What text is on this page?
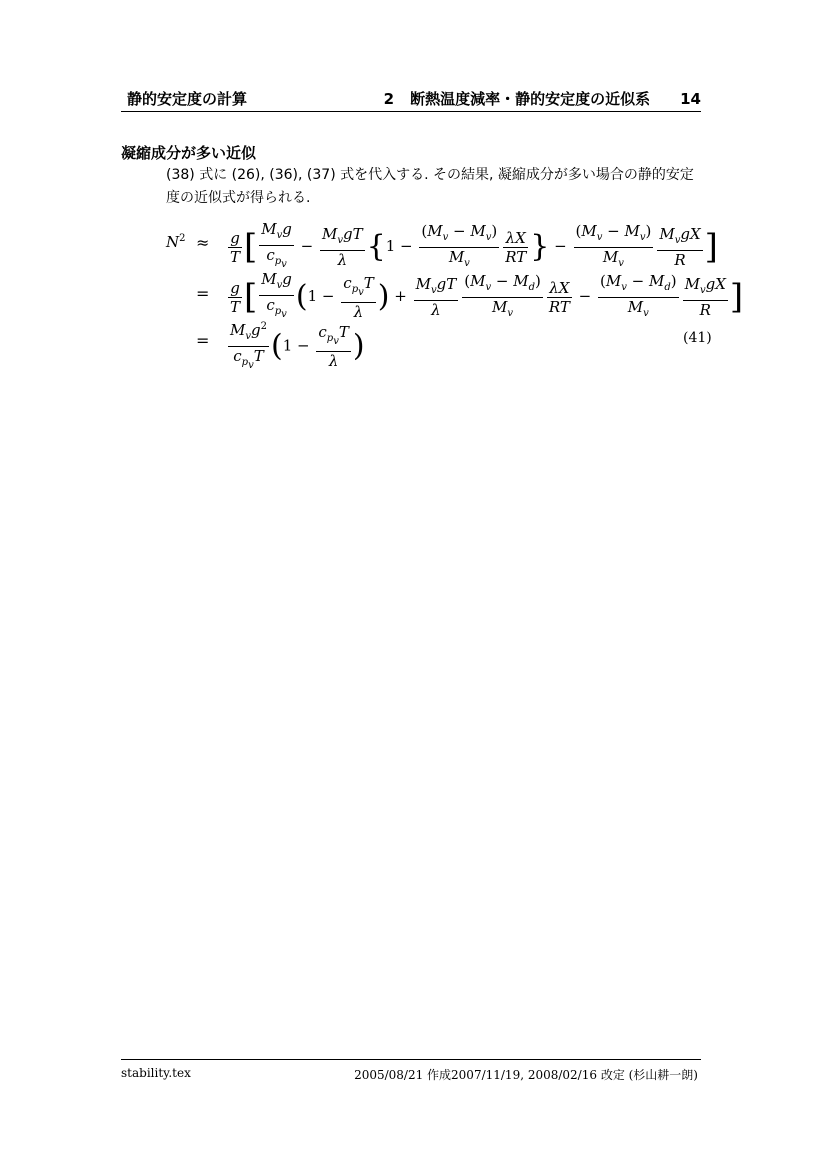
静的安定度の計算	2 断熱温度減率・静的安定度の近似系 14
凝縮成分が多い近似
(38) 式に (26), (36), (37) 式を代入する. その結果, 凝縮成分が多い場合の静的安定度の近似式が得られる.
$N^2 \approx \frac{g}{T}$ [ $\frac{M_vg}{c_{p_v}} - \frac{M_vgT}{\lambda} \{1 - \frac{(M_v - M_v)}{M_v} \frac{\lambda X}{RT}$ } − $\frac{(M_v - M_v)}{M_v} \frac{M_vgX}{R}$ ]
= $\frac{g}{T}$ [ $\frac{M_vg}{c_{p_v}} (1 - \frac{c_{p_v}T}{\lambda}$ ) + $\frac{M_vgT}{\lambda} \frac{(M_v - M_d)}{M_v} \frac{\lambda X}{RT} - \frac{(M_v - M_d)}{M_v} \frac{M_vgX}{R}$ ]
= $\frac{M_vg^2}{c_{p_v}T} (1 - \frac{c_{p_v}T}{\lambda}$ )	(41)
stability.tex	2005/08/21 作成2007/11/19, 2008/02/16 改定 (杉山耕一朗)
